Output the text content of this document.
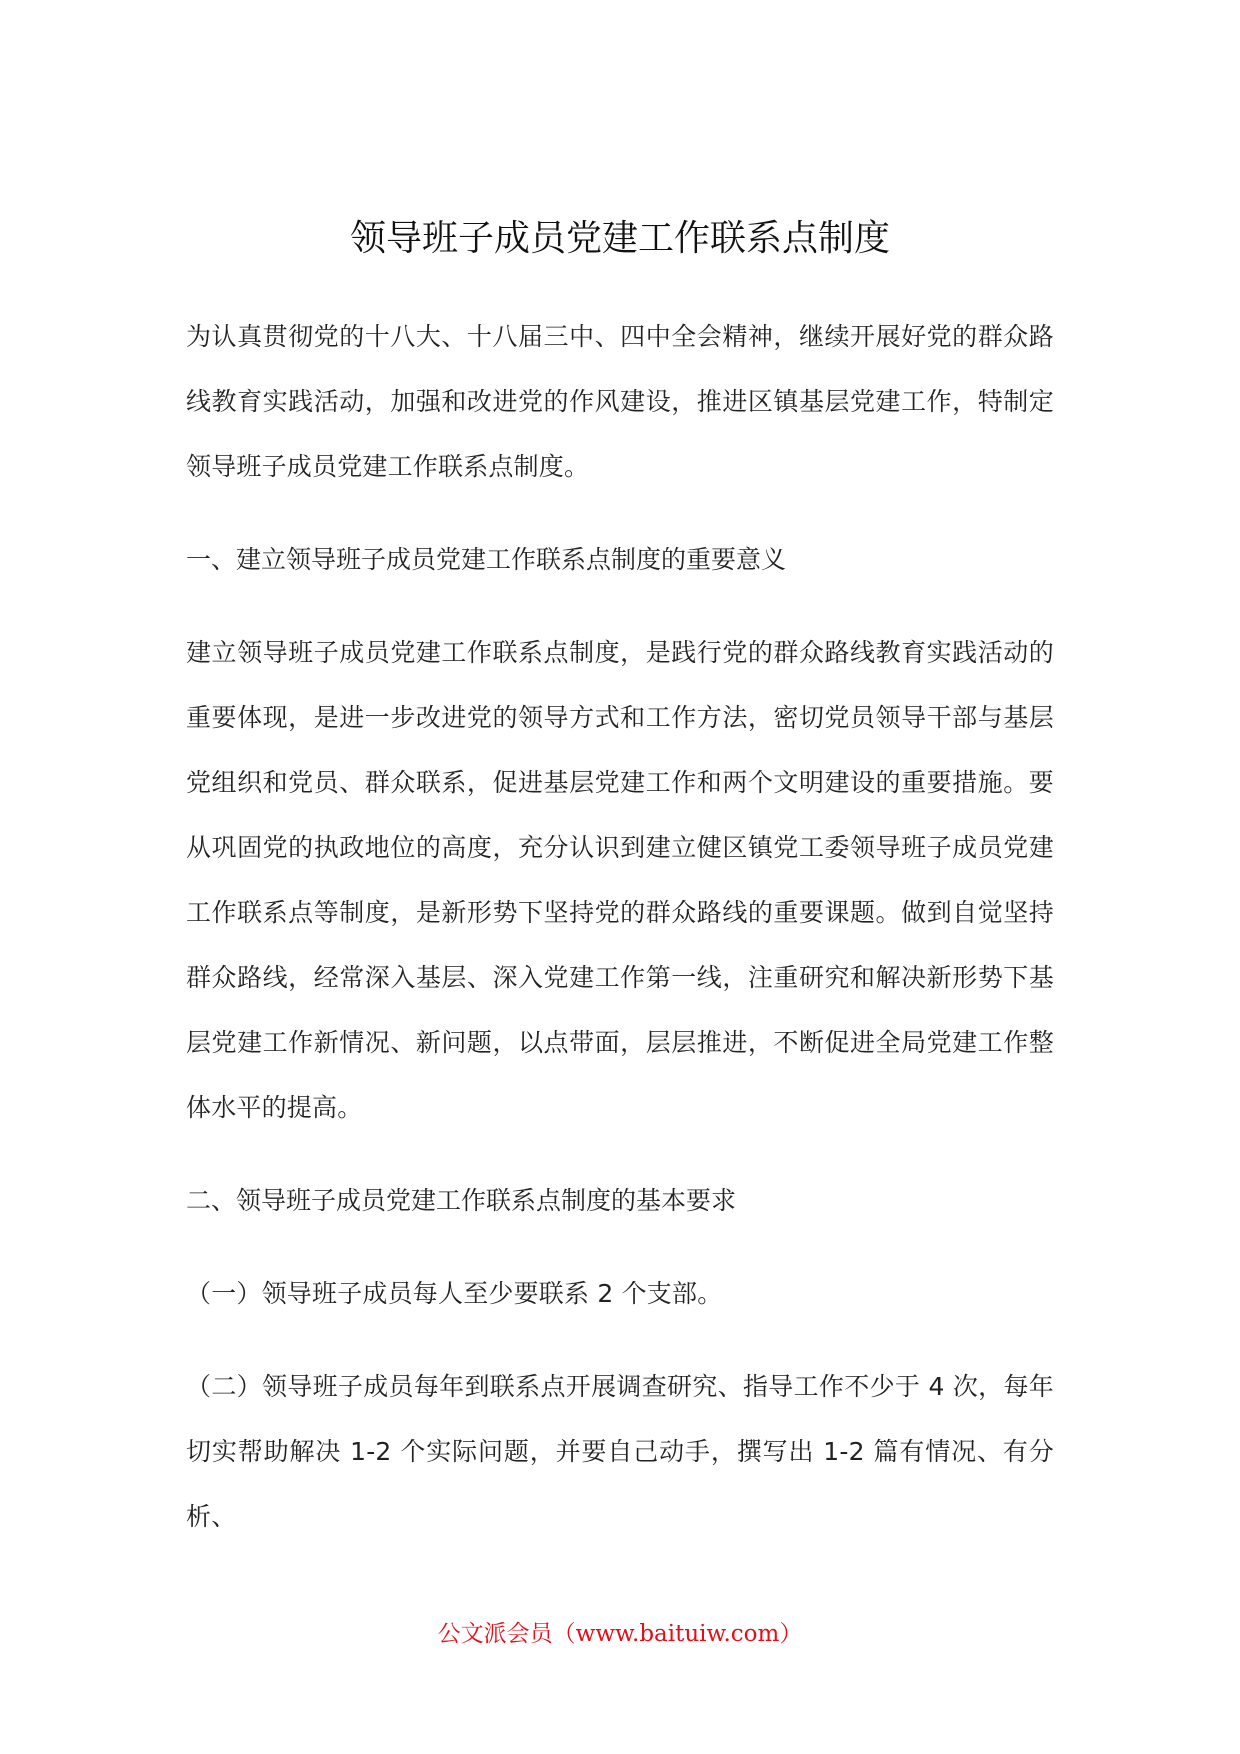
领导班子成员党建工作联系点制度

为认真贯彻党的十八大、十八届三中、四中全会精神，继续开展好党的群众路线教育实践活动，加强和改进党的作风建设，推进区镇基层党建工作，特制定领导班子成员党建工作联系点制度。

一、建立领导班子成员党建工作联系点制度的重要意义

建立领导班子成员党建工作联系点制度，是践行党的群众路线教育实践活动的重要体现，是进一步改进党的领导方式和工作方法，密切党员领导干部与基层党组织和党员、群众联系，促进基层党建工作和两个文明建设的重要措施。要从巩固党的执政地位的高度，充分认识到建立健区镇党工委领导班子成员党建工作联系点等制度，是新形势下坚持党的群众路线的重要课题。做到自觉坚持群众路线，经常深入基层、深入党建工作第一线，注重研究和解决新形势下基层党建工作新情况、新问题，以点带面，层层推进，不断促进全局党建工作整体水平的提高。

二、领导班子成员党建工作联系点制度的基本要求

（一）领导班子成员每人至少要联系 2 个支部。

（二）领导班子成员每年到联系点开展调查研究、指导工作不少于 4 次，每年切实帮助解决 1-2 个实际问题，并要自己动手，撰写出 1-2 篇有情况、有分析、

公文派会员（www.baituiw.com）
